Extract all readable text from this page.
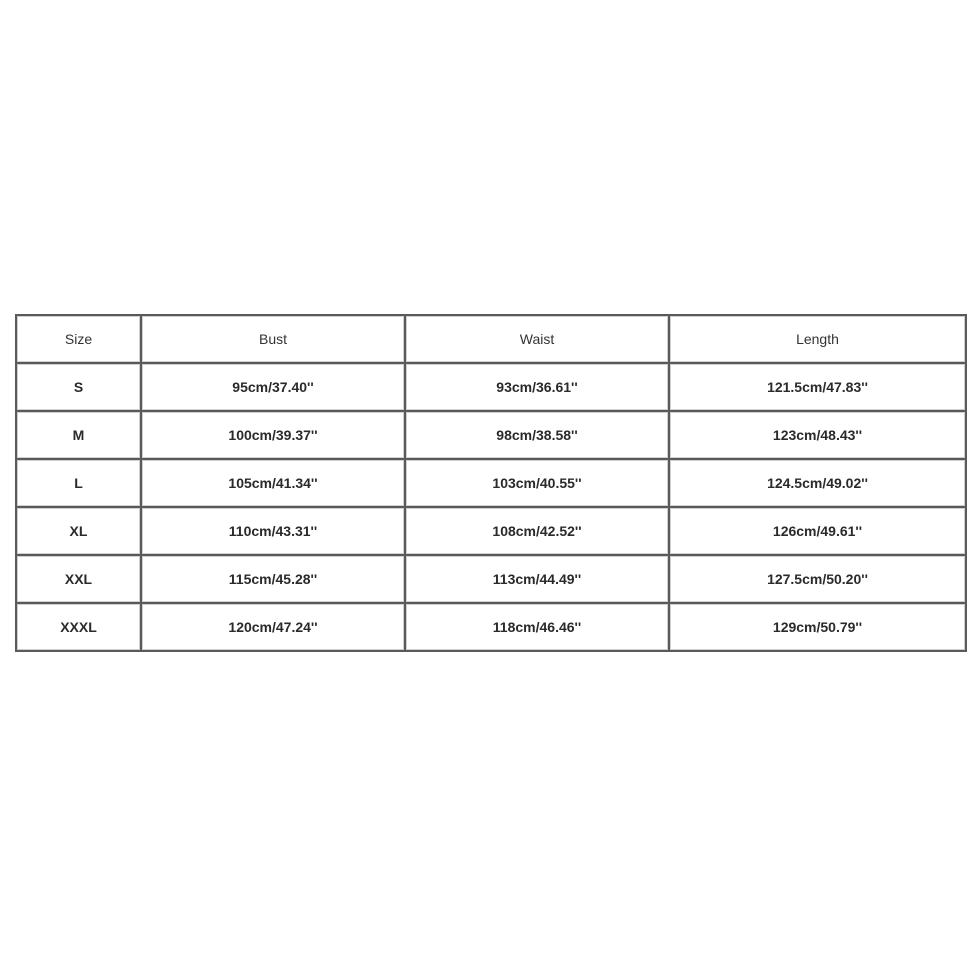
Size	Bust	Waist	Length
S	95cm/37.40''	93cm/36.61''	121.5cm/47.83''
M	100cm/39.37''	98cm/38.58''	123cm/48.43''
L	105cm/41.34''	103cm/40.55''	124.5cm/49.02''
XL	110cm/43.31''	108cm/42.52''	126cm/49.61''
XXL	115cm/45.28''	113cm/44.49''	127.5cm/50.20''
XXXL	120cm/47.24''	118cm/46.46''	129cm/50.79''
